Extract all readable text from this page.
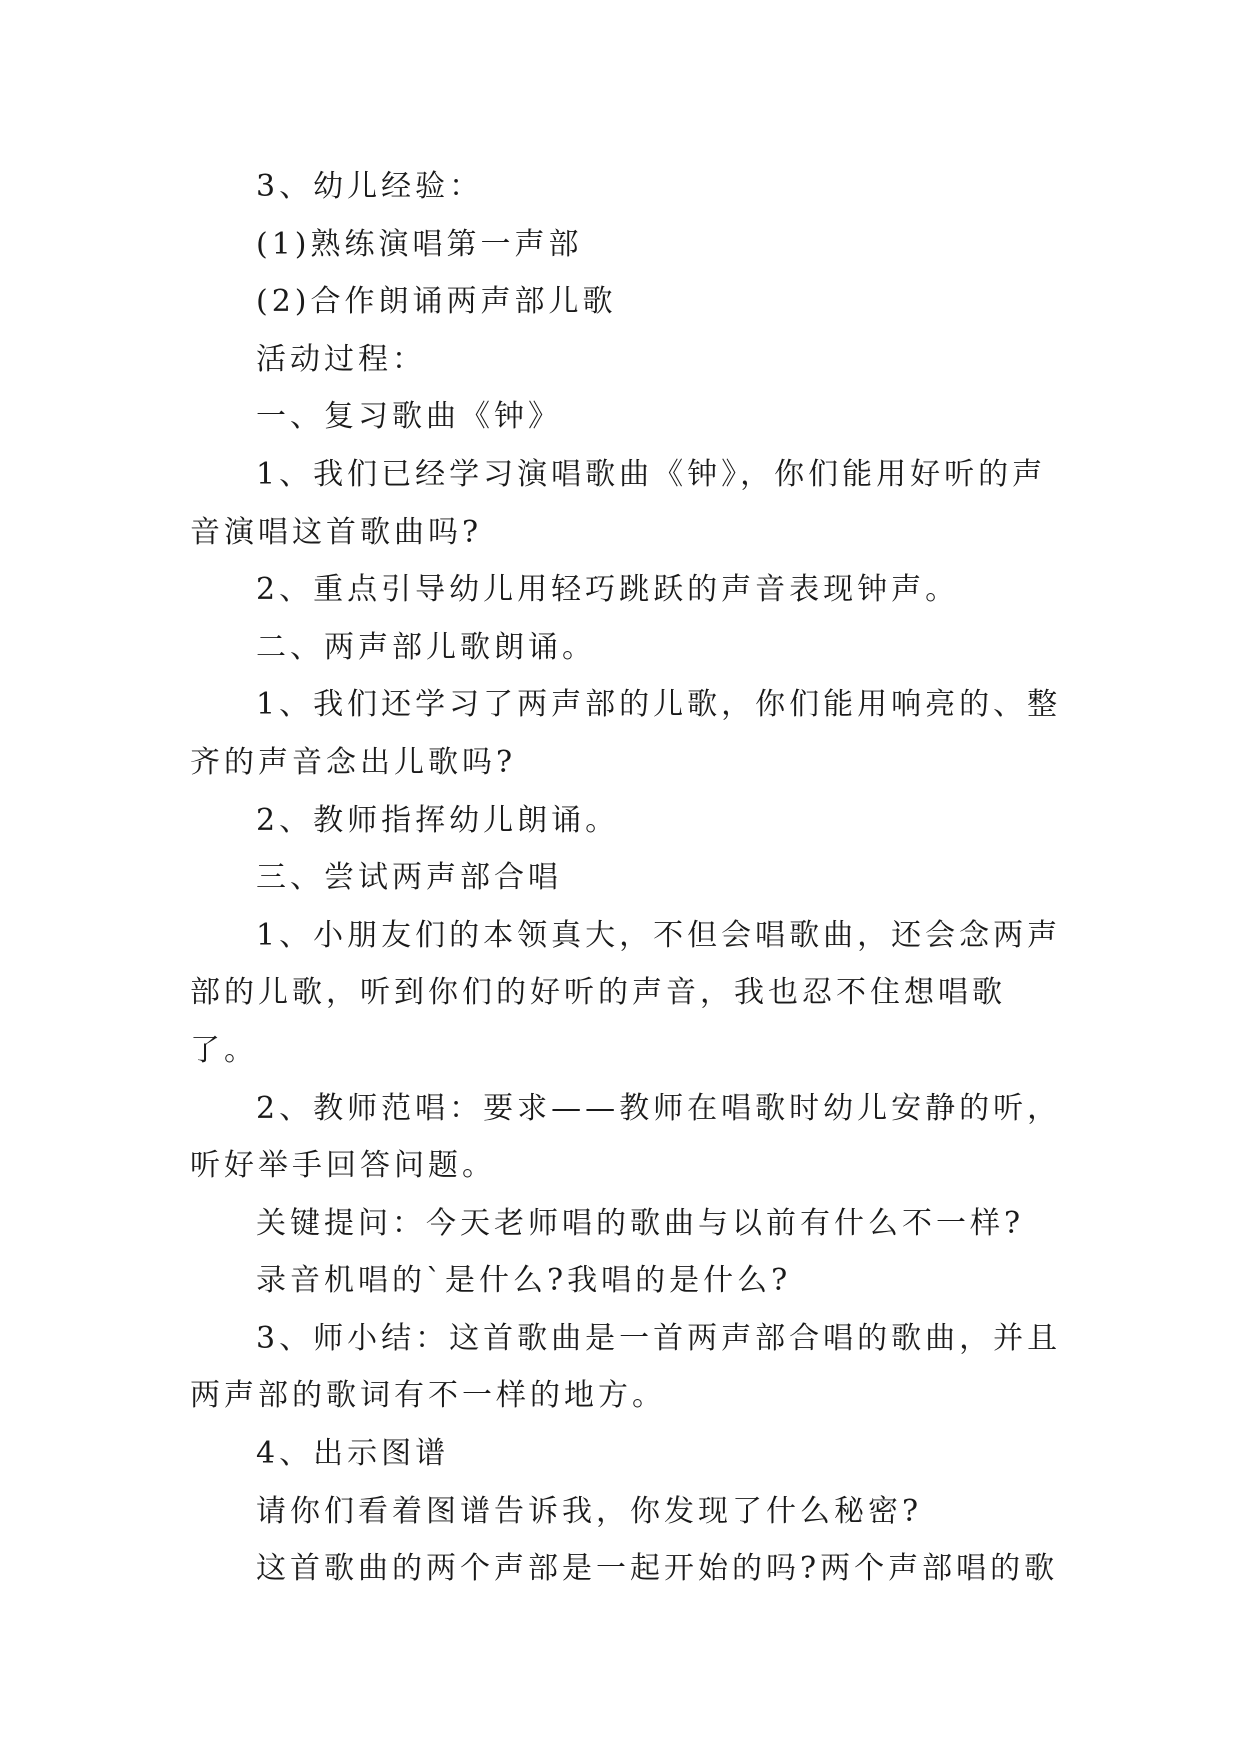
3、幼儿经验：

(1)熟练演唱第一声部

(2)合作朗诵两声部儿歌

活动过程：

一、复习歌曲《钟》

1、我们已经学习演唱歌曲《钟》，你们能用好听的声音演唱这首歌曲吗?

2、重点引导幼儿用轻巧跳跃的声音表现钟声。

二、两声部儿歌朗诵。

1、我们还学习了两声部的儿歌，你们能用响亮的、整齐的声音念出儿歌吗?

2、教师指挥幼儿朗诵。

三、尝试两声部合唱

1、小朋友们的本领真大，不但会唱歌曲，还会念两声部的儿歌，听到你们的好听的声音，我也忍不住想唱歌了。

2、教师范唱：要求——教师在唱歌时幼儿安静的听，听好举手回答问题。

关键提问：今天老师唱的歌曲与以前有什么不一样?

录音机唱的`是什么?我唱的是什么?

3、师小结：这首歌曲是一首两声部合唱的歌曲，并且两声部的歌词有不一样的地方。

4、出示图谱

请你们看着图谱告诉我，你发现了什么秘密?

这首歌曲的两个声部是一起开始的吗?两个声部唱的歌
